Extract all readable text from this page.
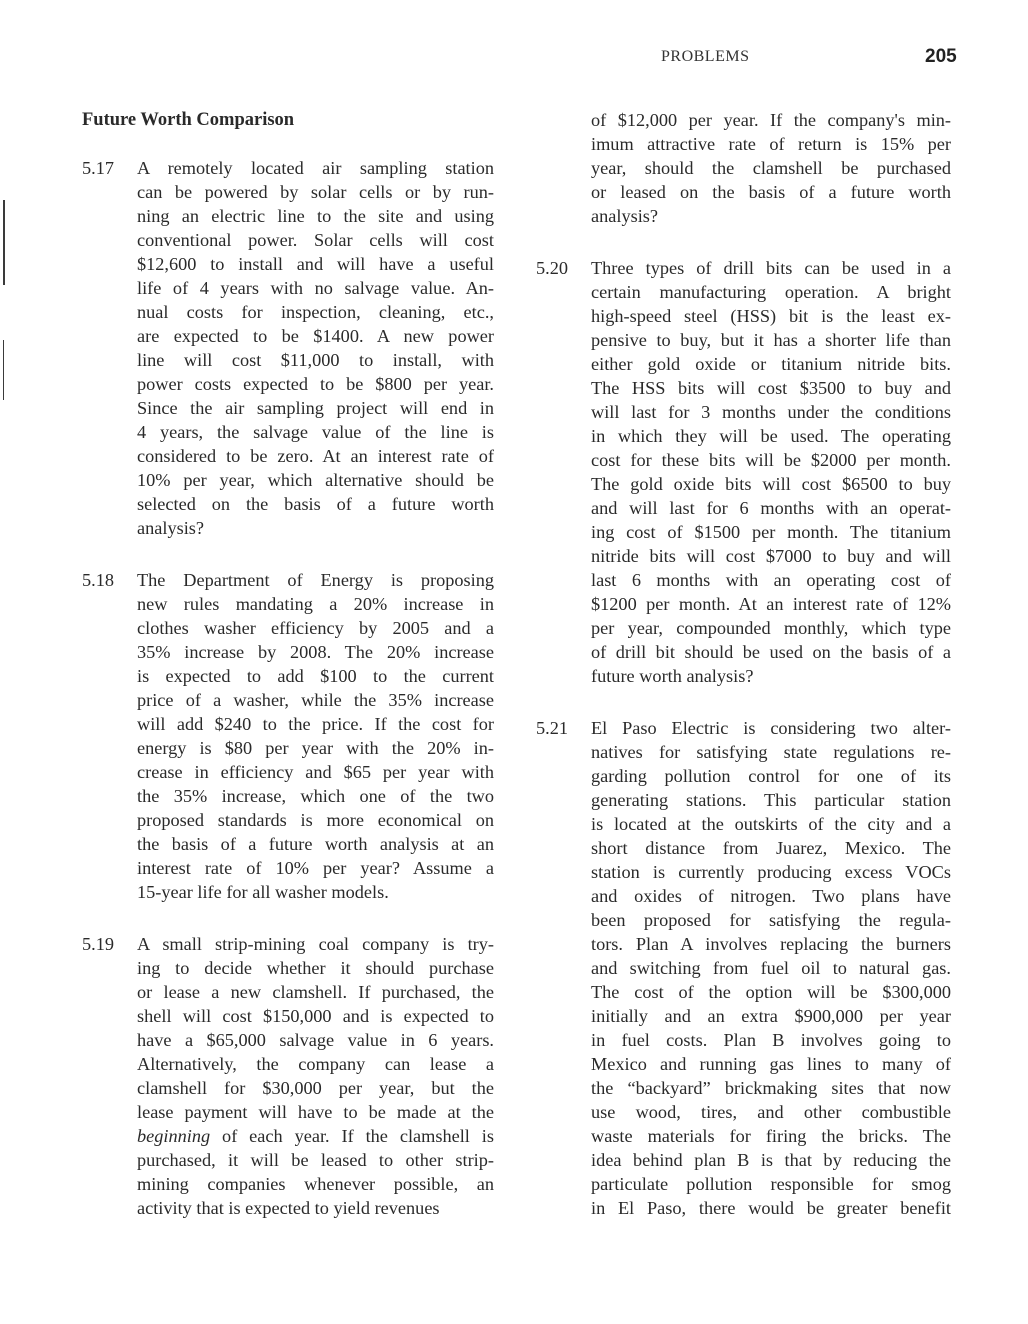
PROBLEMS	205
Future Worth Comparison
5.17	A remotely located air sampling station
can be powered by solar cells or by run-
ning an electric line to the site and using
conventional power. Solar cells will cost
$12,600 to install and will have a useful
life of 4 years with no salvage value. An-
nual costs for inspection, cleaning, etc.,
are expected to be $1400. A new power
line will cost $11,000 to install, with
power costs expected to be $800 per year.
Since the air sampling project will end in
4 years, the salvage value of the line is
considered to be zero. At an interest rate of
10% per year, which alternative should be
selected on the basis of a future worth
analysis?
5.18	The Department of Energy is proposing
new rules mandating a 20% increase in
clothes washer efficiency by 2005 and a
35% increase by 2008. The 20% increase
is expected to add $100 to the current
price of a washer, while the 35% increase
will add $240 to the price. If the cost for
energy is $80 per year with the 20% in-
crease in efficiency and $65 per year with
the 35% increase, which one of the two
proposed standards is more economical on
the basis of a future worth analysis at an
interest rate of 10% per year? Assume a
15-year life for all washer models.
5.19	A small strip-mining coal company is try-
ing to decide whether it should purchase
or lease a new clamshell. If purchased, the
shell will cost $150,000 and is expected to
have a $65,000 salvage value in 6 years.
Alternatively, the company can lease a
clamshell for $30,000 per year, but the
lease payment will have to be made at the
beginning of each year. If the clamshell is
purchased, it will be leased to other strip-
mining companies whenever possible, an
activity that is expected to yield revenues
of $12,000 per year. If the company's min-
imum attractive rate of return is 15% per
year, should the clamshell be purchased
or leased on the basis of a future worth
analysis?
5.20	Three types of drill bits can be used in a
certain manufacturing operation. A bright
high-speed steel (HSS) bit is the least ex-
pensive to buy, but it has a shorter life than
either gold oxide or titanium nitride bits.
The HSS bits will cost $3500 to buy and
will last for 3 months under the conditions
in which they will be used. The operating
cost for these bits will be $2000 per month.
The gold oxide bits will cost $6500 to buy
and will last for 6 months with an operat-
ing cost of $1500 per month. The titanium
nitride bits will cost $7000 to buy and will
last 6 months with an operating cost of
$1200 per month. At an interest rate of 12%
per year, compounded monthly, which type
of drill bit should be used on the basis of a
future worth analysis?
5.21	El Paso Electric is considering two alter-
natives for satisfying state regulations re-
garding pollution control for one of its
generating stations. This particular station
is located at the outskirts of the city and a
short distance from Juarez, Mexico. The
station is currently producing excess VOCs
and oxides of nitrogen. Two plans have
been proposed for satisfying the regula-
tors. Plan A involves replacing the burners
and switching from fuel oil to natural gas.
The cost of the option will be $300,000
initially and an extra $900,000 per year
in fuel costs. Plan B involves going to
Mexico and running gas lines to many of
the “backyard” brickmaking sites that now
use wood, tires, and other combustible
waste materials for firing the bricks. The
idea behind plan B is that by reducing the
particulate pollution responsible for smog
in El Paso, there would be greater benefit
